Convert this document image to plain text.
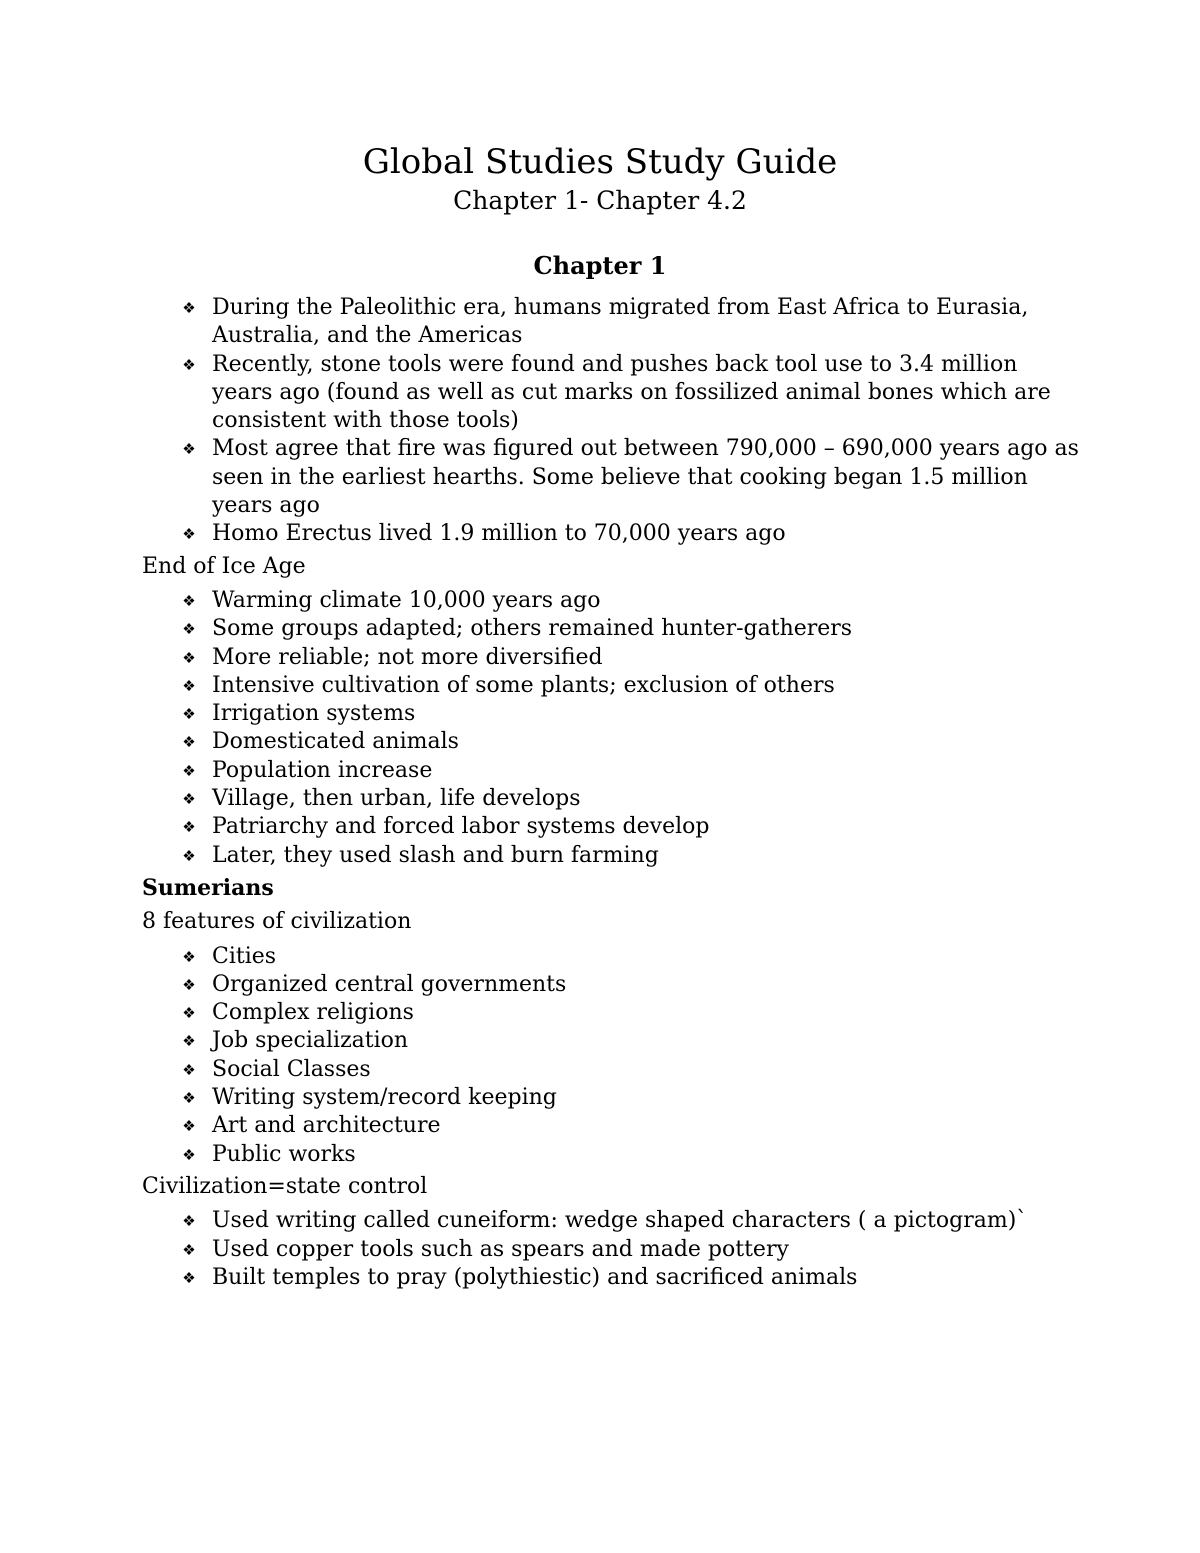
Global Studies Study Guide
Chapter 1- Chapter 4.2
Chapter 1
❖ During the Paleolithic era, humans migrated from East Africa to Eurasia, Australia, and the Americas
❖ Recently, stone tools were found and pushes back tool use to 3.4 million years ago (found as well as cut marks on fossilized animal bones which are consistent with those tools)
❖ Most agree that fire was figured out between 790,000 – 690,000 years ago as seen in the earliest hearths. Some believe that cooking began 1.5 million years ago
❖ Homo Erectus lived 1.9 million to 70,000 years ago
End of Ice Age
❖ Warming climate 10,000 years ago
❖ Some groups adapted; others remained hunter-gatherers
❖ More reliable; not more diversified
❖ Intensive cultivation of some plants; exclusion of others
❖ Irrigation systems
❖ Domesticated animals
❖ Population increase
❖ Village, then urban, life develops
❖ Patriarchy and forced labor systems develop
❖ Later, they used slash and burn farming
Sumerians
8 features of civilization
❖ Cities
❖ Organized central governments
❖ Complex religions
❖ Job specialization
❖ Social Classes
❖ Writing system/record keeping
❖ Art and architecture
❖ Public works
Civilization=state control
❖ Used writing called cuneiform: wedge shaped characters ( a pictogram)`
❖ Used copper tools such as spears and made pottery
❖ Built temples to pray (polythiestic) and sacrificed animals
